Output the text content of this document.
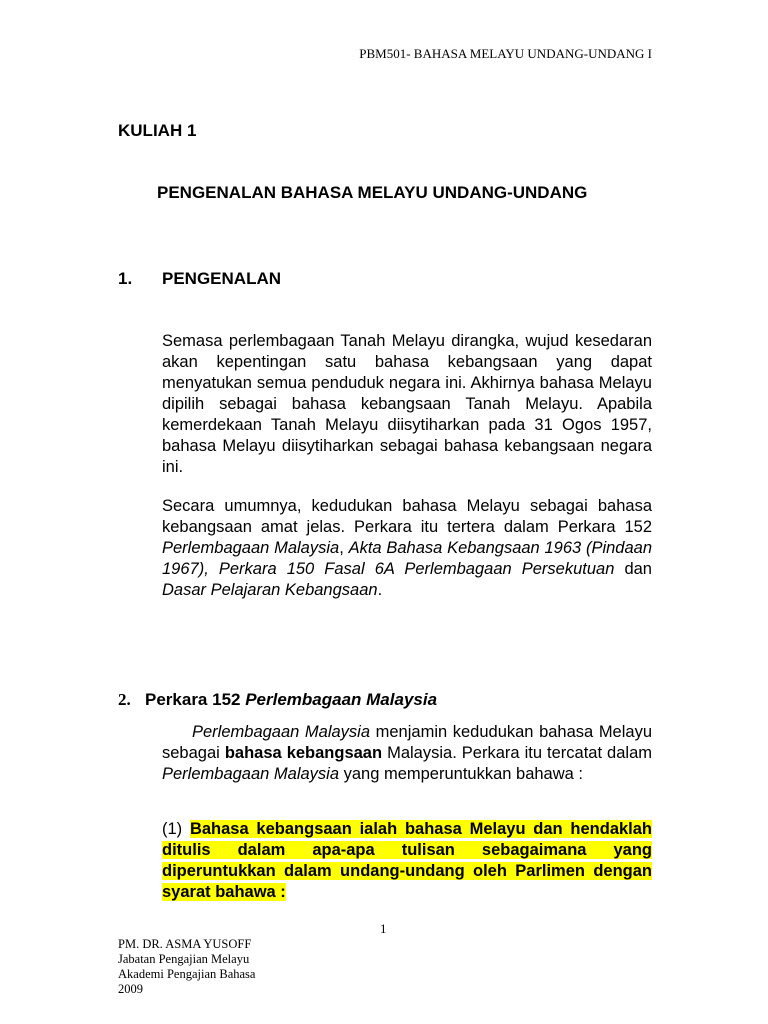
PBM501- BAHASA MELAYU UNDANG-UNDANG I
KULIAH 1
PENGENALAN BAHASA MELAYU UNDANG-UNDANG
1. PENGENALAN

Semasa perlembagaan Tanah Melayu dirangka, wujud kesedaran akan kepentingan satu bahasa kebangsaan yang dapat menyatukan semua penduduk negara ini. Akhirnya bahasa Melayu dipilih sebagai bahasa kebangsaan Tanah Melayu. Apabila kemerdekaan Tanah Melayu diisytiharkan pada 31 Ogos 1957, bahasa Melayu diisytiharkan sebagai bahasa kebangsaan negara ini.

Secara umumnya, kedudukan bahasa Melayu sebagai bahasa kebangsaan amat jelas. Perkara itu tertera dalam Perkara 152 Perlembagaan Malaysia, Akta Bahasa Kebangsaan 1963 (Pindaan 1967), Perkara 150 Fasal 6A Perlembagaan Persekutuan dan Dasar Pelajaran Kebangsaan.

2. Perkara 152 Perlembagaan Malaysia

Perlembagaan Malaysia menjamin kedudukan bahasa Melayu sebagai bahasa kebangsaan Malaysia. Perkara itu tercatat dalam Perlembagaan Malaysia yang memperuntukkan bahawa :

(1) Bahasa kebangsaan ialah bahasa Melayu dan hendaklah ditulis dalam apa-apa tulisan sebagaimana yang diperuntukkan dalam undang-undang oleh Parlimen dengan syarat bahawa :

1
PM. DR. ASMA YUSOFF
Jabatan Pengajian Melayu
Akademi Pengajian Bahasa
2009
